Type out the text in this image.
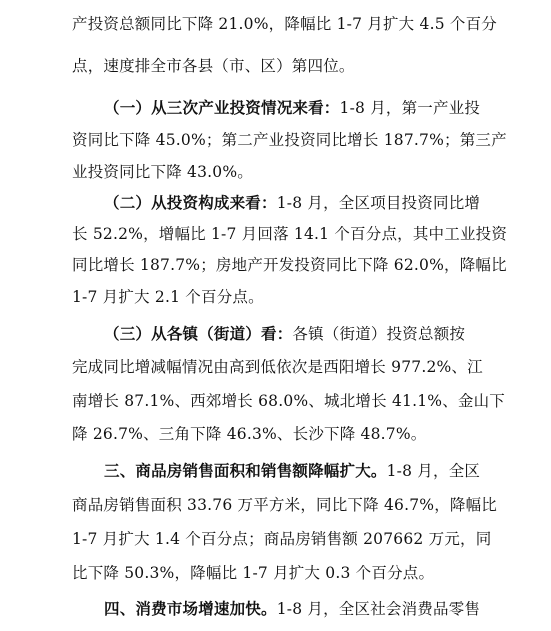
产投资总额同比下降 21.0%，降幅比 1-7 月扩大 4.5 个百分
点，速度排全市各县（市、区）第四位。
（一）从三次产业投资情况来看：1-8 月，第一产业投
资同比下降 45.0%；第二产业投资同比增长 187.7%；第三产
业投资同比下降 43.0%。
（二）从投资构成来看：1-8 月，全区项目投资同比增
长 52.2%，增幅比 1-7 月回落 14.1 个百分点，其中工业投资
同比增长 187.7%；房地产开发投资同比下降 62.0%，降幅比
1-7 月扩大 2.1 个百分点。
（三）从各镇（街道）看：各镇（街道）投资总额按
完成同比增减幅情况由高到低依次是西阳增长 977.2%、江
南增长 87.1%、西郊增长 68.0%、城北增长 41.1%、金山下
降 26.7%、三角下降 46.3%、长沙下降 48.7%。
三、商品房销售面积和销售额降幅扩大。1-8 月，全区
商品房销售面积 33.76 万平方米，同比下降 46.7%，降幅比
1-7 月扩大 1.4 个百分点；商品房销售额 207662 万元，同
比下降 50.3%，降幅比 1-7 月扩大 0.3 个百分点。
四、消费市场增速加快。1-8 月，全区社会消费品零售
